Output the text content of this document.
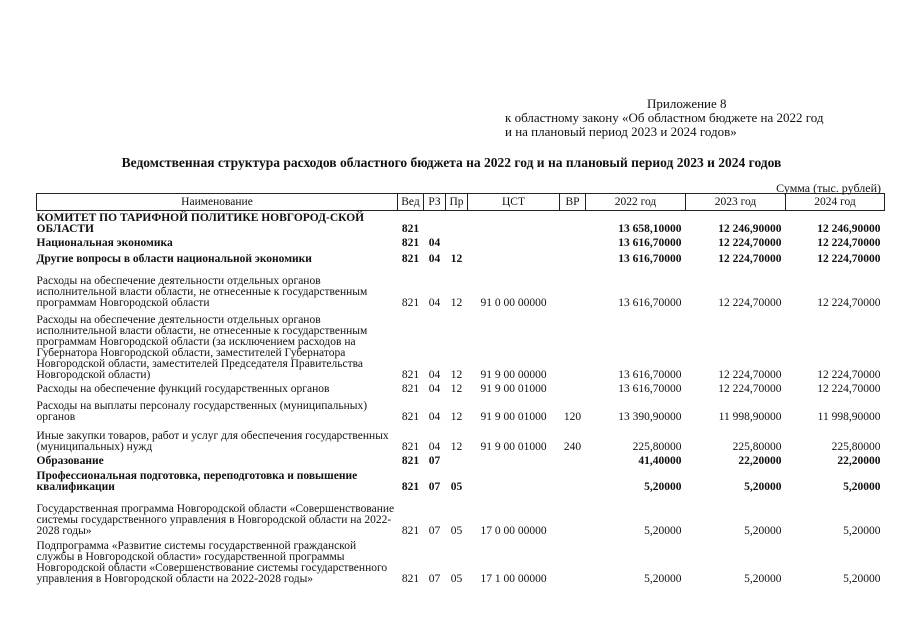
Приложение 8
к областному закону «Об областном бюджете на 2022 год
и на плановый период 2023 и 2024 годов»
Ведомственная структура расходов областного бюджета на 2022 год и на плановый период 2023 и 2024 годов
Сумма (тыс. рублей)
Наименование	Вед	РЗ	Пр	ЦСТ	ВР	2022 год	2023 год	2024 год
КОМИТЕТ ПО ТАРИФНОЙ ПОЛИТИКЕ НОВГОРОД-СКОЙ ОБЛАСТИ	821					13 658,10000	12 246,90000	12 246,90000
Национальная экономика	821	04				13 616,70000	12 224,70000	12 224,70000
Другие вопросы в области национальной экономики	821	04	12			13 616,70000	12 224,70000	12 224,70000
Расходы на обеспечение деятельности отдельных органов исполнительной власти области, не отнесенные к государственным программам Новгородской области	821	04	12	91 0 00 00000		13 616,70000	12 224,70000	12 224,70000
Расходы на обеспечение деятельности отдельных органов исполнительной власти области, не отнесенные к государственным программам Новгородской области (за исключением расходов на Губернатора Новгородской области, заместителей Губернатора Новгородской области, заместителей Председателя Правительства Новгородской области)	821	04	12	91 9 00 00000		13 616,70000	12 224,70000	12 224,70000
Расходы на обеспечение функций государственных органов	821	04	12	91 9 00 01000		13 616,70000	12 224,70000	12 224,70000
Расходы на выплаты персоналу государственных (муниципальных) органов	821	04	12	91 9 00 01000	120	13 390,90000	11 998,90000	11 998,90000
Иные закупки товаров, работ и услуг для обеспечения государственных (муниципальных) нужд	821	04	12	91 9 00 01000	240	225,80000	225,80000	225,80000
Образование	821	07				41,40000	22,20000	22,20000
Профессиональная подготовка, переподготовка и повышение квалификации	821	07	05			5,20000	5,20000	5,20000
Государственная программа Новгородской области «Совершенствование системы государственного управления в Новгородской области на 2022-2028 годы»	821	07	05	17 0 00 00000		5,20000	5,20000	5,20000
Подпрограмма «Развитие системы государственной гражданской службы в Новгородской области» государственной программы Новгородской области «Совершенствование системы государственного управления в Новгородской области на 2022-2028 годы»	821	07	05	17 1 00 00000		5,20000	5,20000	5,20000
